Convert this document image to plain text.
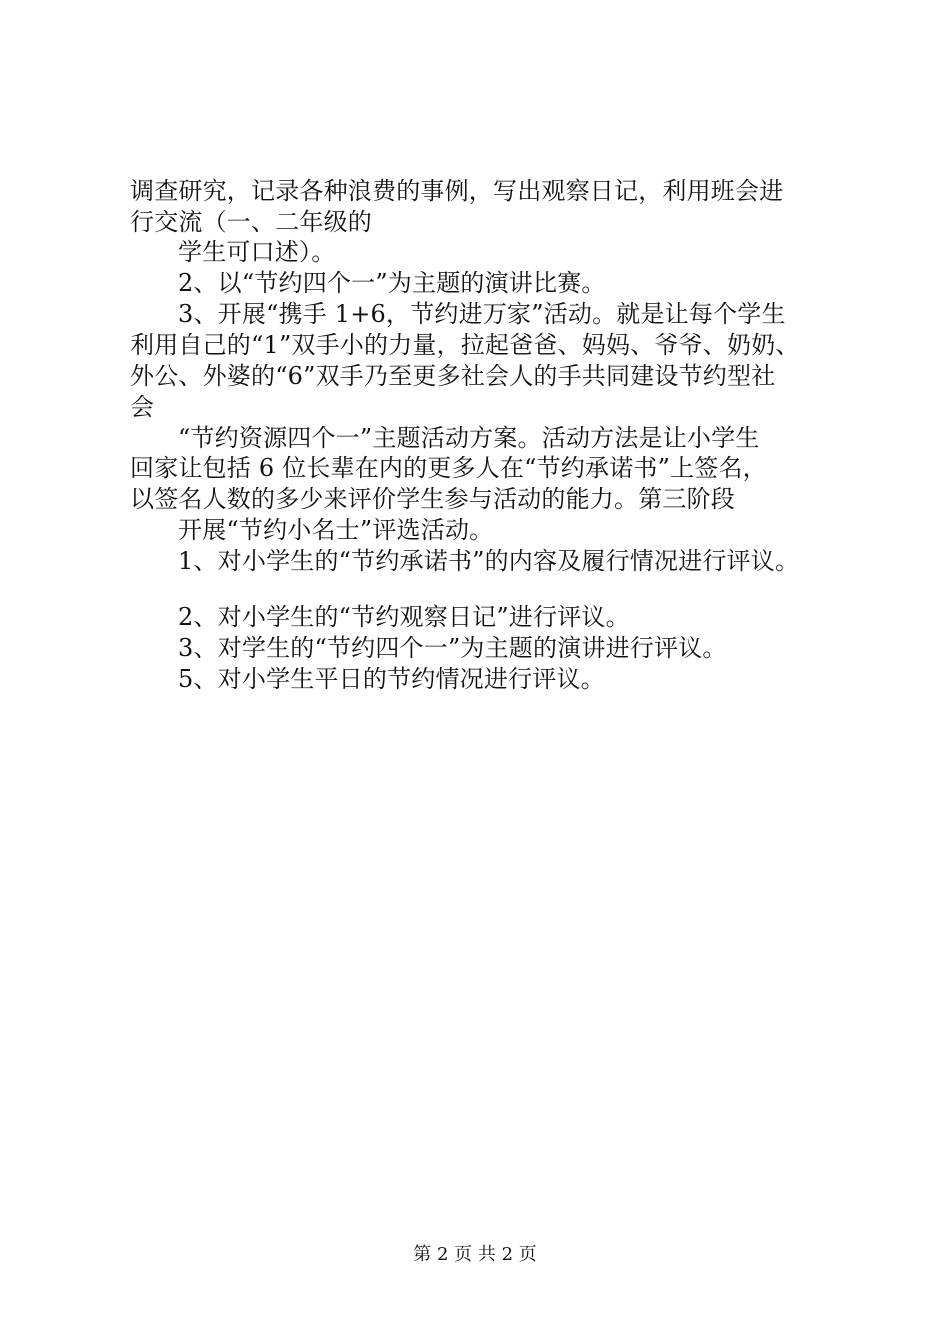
调查研究，记录各种浪费的事例，写出观察日记，利用班会进
行交流（一、二年级的
学生可口述）。
2、以“节约四个一”为主题的演讲比赛。
3、开展“携手 1+6，节约进万家”活动。就是让每个学生
利用自己的“1”双手小的力量，拉起爸爸、妈妈、爷爷、奶奶、
外公、外婆的“6”双手乃至更多社会人的手共同建设节约型社
会
“节约资源四个一”主题活动方案。活动方法是让小学生
回家让包括 6 位长辈在内的更多人在“节约承诺书”上签名，
以签名人数的多少来评价学生参与活动的能力。第三阶段
开展“节约小名士”评选活动。
1、对小学生的“节约承诺书”的内容及履行情况进行评议。
2、对小学生的“节约观察日记”进行评议。
3、对学生的“节约四个一”为主题的演讲进行评议。
5、对小学生平日的节约情况进行评议。
第 2 页 共 2 页
